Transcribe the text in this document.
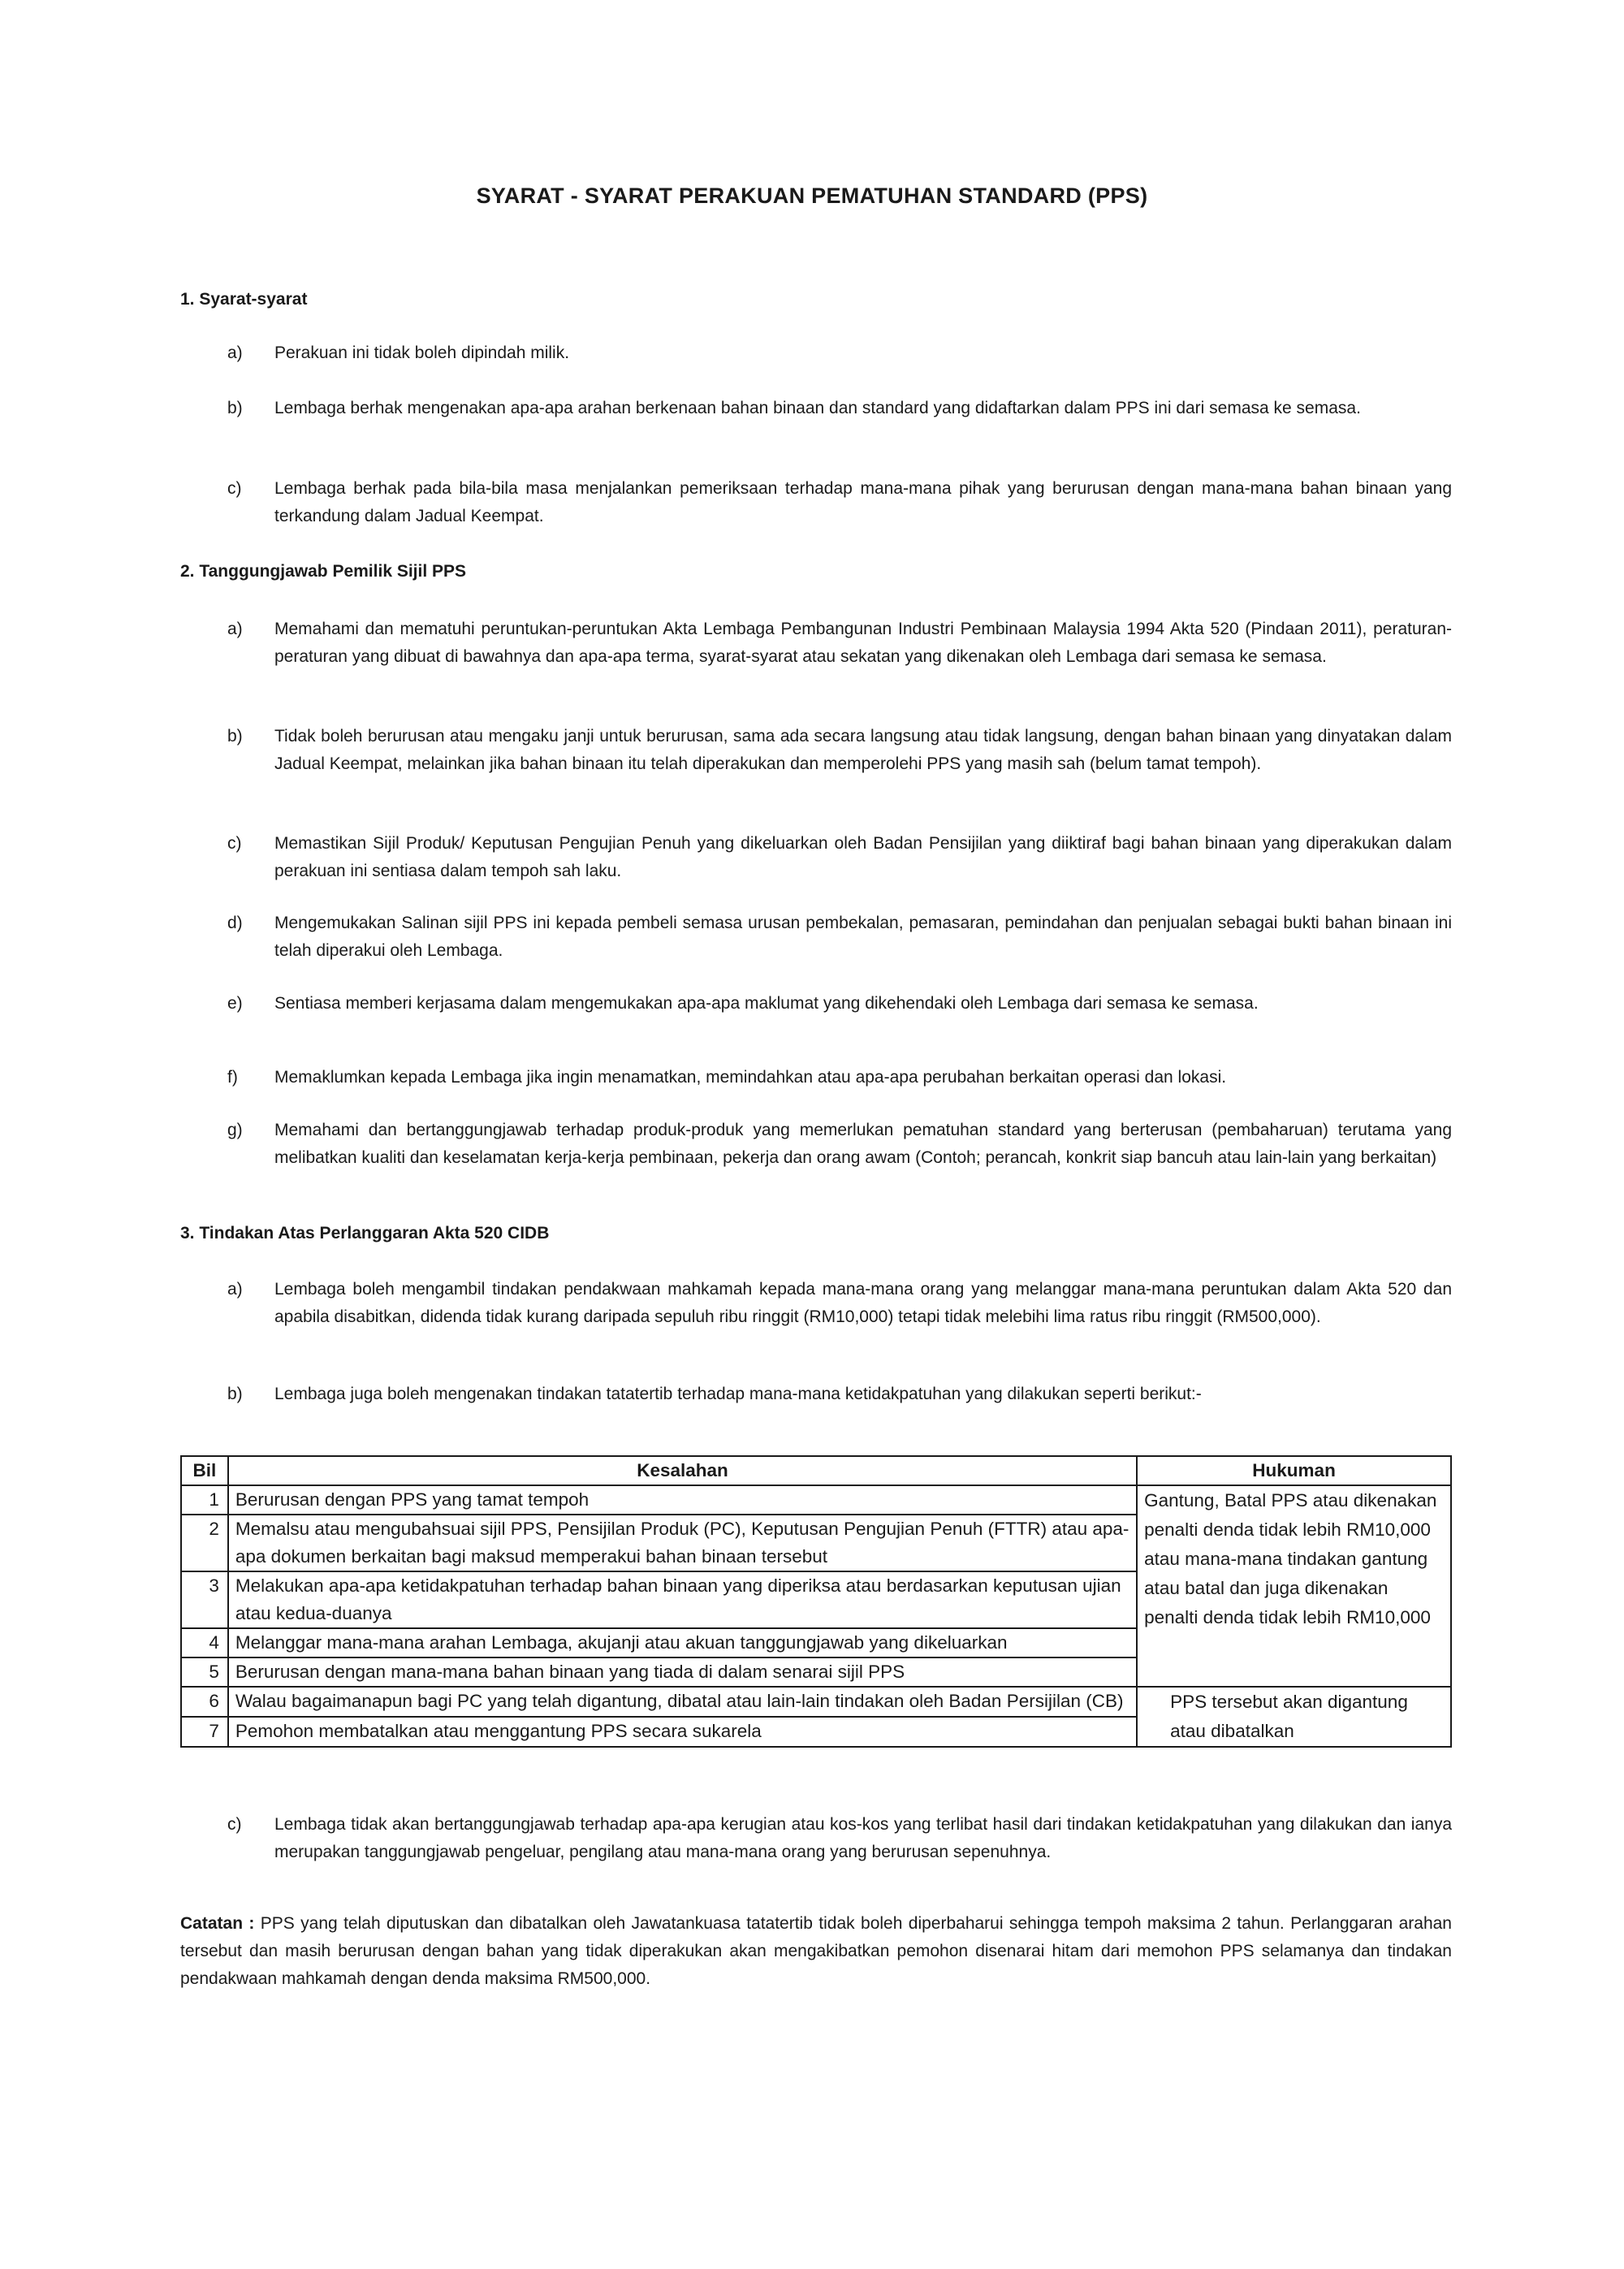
SYARAT - SYARAT PERAKUAN PEMATUHAN STANDARD (PPS)
1. Syarat-syarat
a) Perakuan ini tidak boleh dipindah milik.
b) Lembaga berhak mengenakan apa-apa arahan berkenaan bahan binaan dan standard yang didaftarkan dalam PPS ini dari semasa ke semasa.
c) Lembaga berhak pada bila-bila masa menjalankan pemeriksaan terhadap mana-mana pihak yang berurusan dengan mana-mana bahan binaan yang terkandung dalam Jadual Keempat.
2. Tanggungjawab Pemilik Sijil PPS
a) Memahami dan mematuhi peruntukan-peruntukan Akta Lembaga Pembangunan Industri Pembinaan Malaysia 1994 Akta 520 (Pindaan 2011), peraturan-peraturan yang dibuat di bawahnya dan apa-apa terma, syarat-syarat atau sekatan yang dikenakan oleh Lembaga dari semasa ke semasa.
b) Tidak boleh berurusan atau mengaku janji untuk berurusan, sama ada secara langsung atau tidak langsung, dengan bahan binaan yang dinyatakan dalam Jadual Keempat, melainkan jika bahan binaan itu telah diperakukan dan memperolehi PPS yang masih sah (belum tamat tempoh).
c) Memastikan Sijil Produk/ Keputusan Pengujian Penuh yang dikeluarkan oleh Badan Pensijilan yang diiktiraf bagi bahan binaan yang diperakukan dalam perakuan ini sentiasa dalam tempoh sah laku.
d) Mengemukakan Salinan sijil PPS ini kepada pembeli semasa urusan pembekalan, pemasaran, pemindahan dan penjualan sebagai bukti bahan binaan ini telah diperakui oleh Lembaga.
e) Sentiasa memberi kerjasama dalam mengemukakan apa-apa maklumat yang dikehendaki oleh Lembaga dari semasa ke semasa.
f) Memaklumkan kepada Lembaga jika ingin menamatkan, memindahkan atau apa-apa perubahan berkaitan operasi dan lokasi.
g) Memahami dan bertanggungjawab terhadap produk-produk yang memerlukan pematuhan standard yang berterusan (pembaharuan) terutama yang melibatkan kualiti dan keselamatan kerja-kerja pembinaan, pekerja dan orang awam (Contoh; perancah, konkrit siap bancuh atau lain-lain yang berkaitan)
3. Tindakan Atas Perlanggaran Akta 520 CIDB
a) Lembaga boleh mengambil tindakan pendakwaan mahkamah kepada mana-mana orang yang melanggar mana-mana peruntukan dalam Akta 520 dan apabila disabitkan, didenda tidak kurang daripada sepuluh ribu ringgit (RM10,000) tetapi tidak melebihi lima ratus ribu ringgit (RM500,000).
b) Lembaga juga boleh mengenakan tindakan tatatertib terhadap mana-mana ketidakpatuhan yang dilakukan seperti berikut:-
Bil	Kesalahan	Hukuman
1	Berurusan dengan PPS yang tamat tempoh	Gantung, Batal PPS atau dikenakan penalti denda tidak lebih RM10,000 atau mana-mana tindakan gantung atau batal dan juga dikenakan penalti denda tidak lebih RM10,000
2	Memalsu atau mengubahsuai sijil PPS, Pensijilan Produk (PC), Keputusan Pengujian Penuh (FTTR) atau apa-apa dokumen berkaitan bagi maksud memperakui bahan binaan tersebut	
3	Melakukan apa-apa ketidakpatuhan terhadap bahan binaan yang diperiksa atau berdasarkan keputusan ujian atau kedua-duanya	
4	Melanggar mana-mana arahan Lembaga, akujanji atau akuan tanggungjawab yang dikeluarkan	
5	Berurusan dengan mana-mana bahan binaan yang tiada di dalam senarai sijil PPS	
6	Walau bagaimanapun bagi PC yang telah digantung, dibatal atau lain-lain tindakan oleh Badan Persijilan (CB)	PPS tersebut akan digantung atau dibatalkan
7	Pemohon membatalkan atau menggantung PPS secara sukarela	
c) Lembaga tidak akan bertanggungjawab terhadap apa-apa kerugian atau kos-kos yang terlibat hasil dari tindakan ketidakpatuhan yang dilakukan dan ianya merupakan tanggungjawab pengeluar, pengilang atau mana-mana orang yang berurusan sepenuhnya.
Catatan : PPS yang telah diputuskan dan dibatalkan oleh Jawatankuasa tatatertib tidak boleh diperbaharui sehingga tempoh maksima 2 tahun. Perlanggaran arahan tersebut dan masih berurusan dengan bahan yang tidak diperakukan akan mengakibatkan pemohon disenarai hitam dari memohon PPS selamanya dan tindakan pendakwaan mahkamah dengan denda maksima RM500,000.
